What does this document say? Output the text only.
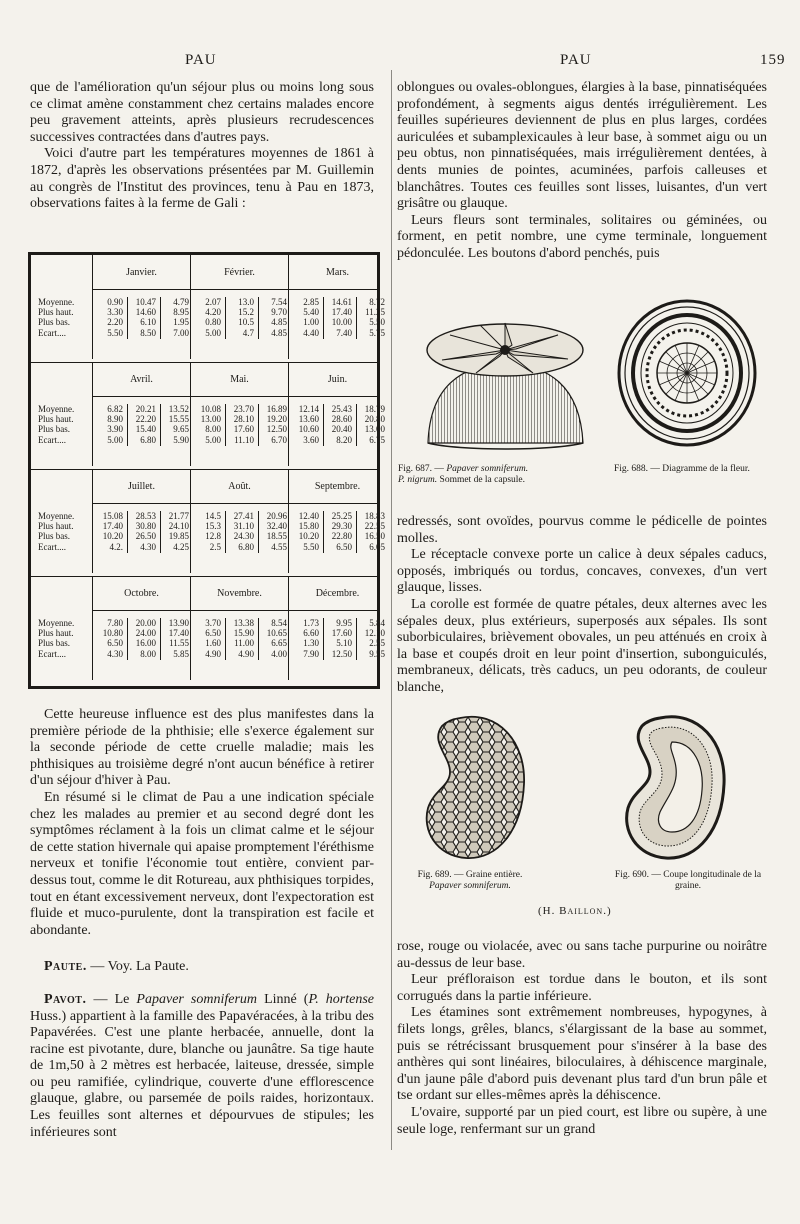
PAU	PAU	159

que de l'amélioration qu'un séjour plus ou moins long sous ce climat amène constamment chez certains malades encore peu gravement atteints, après plusieurs recrudescences successives contractées dans d'autres pays.

Voici d'autre part les températures moyennes de 1861 à 1872, d'après les observations présentées par M. Guillemin au congrès de l'Institut des provinces, tenu à Pau en 1873, observations faites à la ferme de Gali :

Janvier.
0.90
3.30
2.20
5.50
10.47
14.60
6.10
8.50
4.79
8.95
1.95
7.00
Février.
2.07
4.20
0.80
5.00
13.0
15.2
10.5
4.7
7.54
9.70
4.85
4.85
Mars.
2.85
5.40
1.00
4.40
14.61
17.40
10.00
7.40
8.72
11.25
5.50
5.75
Moyenne.
Plus haut.
Plus bas.
Ecart....
Avril.
6.82
8.90
3.90
5.00
20.21
22.20
15.40
6.80
13.52
15.55
9.65
5.90
Mai.
10.08
13.00
8.00
5.00
23.70
28.10
17.60
11.10
16.89
19.20
12.50
6.70
Juin.
12.14
13.60
10.60
3.60
25.43
28.60
20.40
8.20
18.79
20.80
13.00
6.75
Moyenne.
Plus haut.
Plus bas.
Ecart....
Juillet.
15.08
17.40
10.20
4.2.
28.53
30.80
26.50
4.30
21.77
24.10
19.85
4.25
Août.
14.5
15.3
12.8
2.5
27.41
31.10
24.30
6.80
20.96
32.40
18.55
4.55
Septembre.
12.40
15.80
10.20
5.50
25.25
29.30
22.80
6.50
18.83
22.55
16.50
6.05
Moyenne.
Plus haut.
Plus bas.
Ecart....
Octobre.
7.80
10.80
6.50
4.30
20.00
24.00
16.00
8.00
13.90
17.40
11.55
5.85
Novembre.
3.70
6.50
1.60
4.90
13.38
15.90
11.00
4.90
8.54
10.65
6.65
4.00
Décembre.
1.73
6.60
1.30
7.90
9.95
17.60
5.10
12.50
5.84
12.10
2.55
9.55
Moyenne.
Plus haut.
Plus bas.
Ecart....

Cette heureuse influence est des plus manifestes dans la première période de la phthisie; elle s'exerce également sur la seconde période de cette cruelle maladie; mais les phthisiques au troisième degré n'ont aucun bénéfice à retirer d'un séjour d'hiver à Pau.

En résumé si le climat de Pau a une indication spéciale chez les malades au premier et au second degré dont les symptômes réclament à la fois un climat calme et le séjour de cette station hivernale qui apaise promptement l'éréthisme nerveux et tonifie l'économie tout entière, convient par-dessus tout, comme le dit Rotureau, aux phthisiques torpides, tout en étant excessivement nerveux, dont l'expectoration est fluide et muco-purulente, dont la transpiration est facile et abondante.

Paute. — Voy. La Paute.

Pavot. — Le Papaver somniferum Linné (P. hortense Huss.) appartient à la famille des Papavéracées, à la tribu des Papavérées. C'est une plante herbacée, annuelle, dont la racine est pivotante, dure, blanche ou jaunâtre. Sa tige haute de 1m,50 à 2 mètres est herbacée, laiteuse, dressée, simple ou peu ramifiée, cylindrique, couverte d'une efflorescence glauque, glabre, ou parsemée de poils raides, horizontaux. Les feuilles sont alternes et dépourvues de stipules; les inférieures sont

oblongues ou ovales-oblongues, élargies à la base, pinnatiséquées profondément, à segments aigus dentés irrégulièrement. Les feuilles supérieures deviennent de plus en plus larges, cordées auriculées et subamplexicaules à leur base, à sommet aigu ou un peu obtus, non pinnatiséquées, mais irrégulièrement dentées, à dents munies de pointes, acuminées, parfois calleuses et blanchâtres. Toutes ces feuilles sont lisses, luisantes, d'un vert grisâtre ou glauque.

Leurs fleurs sont terminales, solitaires ou géminées, ou forment, en petit nombre, une cyme terminale, longuement pédonculée. Les boutons d'abord penchés, puis

Fig. 687. — Papaver somniferum.
P. nigrum. Sommet de la capsule.
Fig. 688. — Diagramme de la fleur.

redressés, sont ovoïdes, pourvus comme le pédicelle de pointes molles.

Le réceptacle convexe porte un calice à deux sépales caducs, opposés, imbriqués ou tordus, concaves, convexes, d'un vert glauque, lisses.

La corolle est formée de quatre pétales, deux alternes avec les sépales deux, plus extérieurs, superposés aux sépales. Ils sont suborbiculaires, brièvement obovales, un peu atténués en croix à la base et coupés droit en leur point d'insertion, subonguiculés, membraneux, délicats, très caducs, un peu odorants, de couleur blanche,

Fig. 689. — Graine entière.
Papaver somniferum.
Fig. 690. — Coupe longitudinale de la graine.
(H. Baillon.)

rose, rouge ou violacée, avec ou sans tache purpurine ou noirâtre au-dessus de leur base.

Leur préfloraison est tordue dans le bouton, et ils sont corrugués dans la partie inférieure.

Les étamines sont extrêmement nombreuses, hypogynes, à filets longs, grêles, blancs, s'élargissant de la base au sommet, puis se rétrécissant brusquement pour s'insérer à la base des anthères qui sont linéaires, biloculaires, à déhiscence marginale, d'un jaune pâle d'abord puis devenant plus tard d'un brun pâle et tse ordant sur elles-mêmes après la déhiscence.

L'ovaire, supporté par un pied court, est libre ou supère, à une seule loge, renfermant sur un grand
